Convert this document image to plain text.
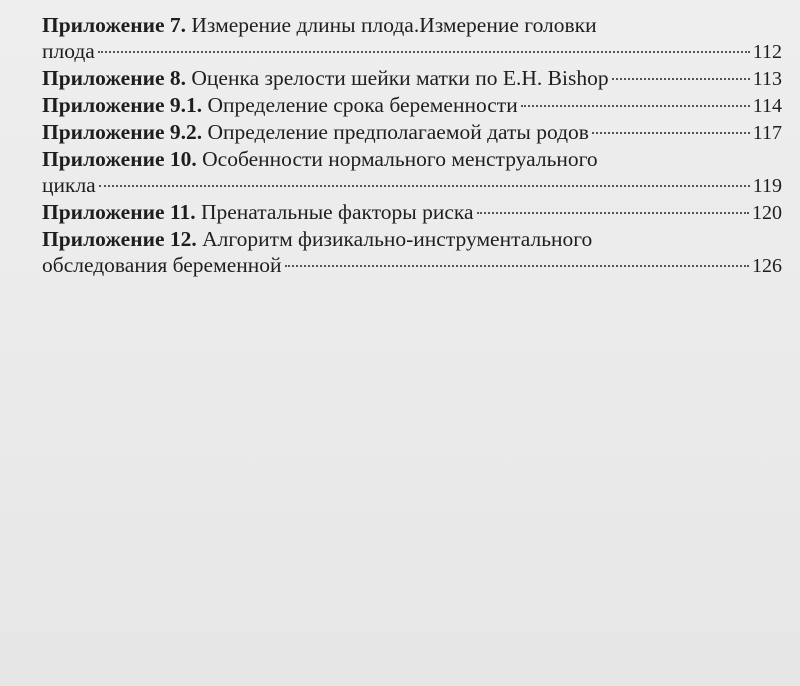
Приложение 7.
Измерение длины плода.Измерение головки
плода	112
Приложение 8.
Оценка зрелости шейки матки по E.H. Bishop	113
Приложение 9.1.
Определение срока беременности	114
Приложение 9.2.
Определение предполагаемой даты родов	117
Приложение 10.
Особенности нормального менструального
цикла	119
Приложение 11.
Пренатальные факторы риска	120
Приложение 12.
Алгоритм физикально-инструментального
обследования беременной	126
